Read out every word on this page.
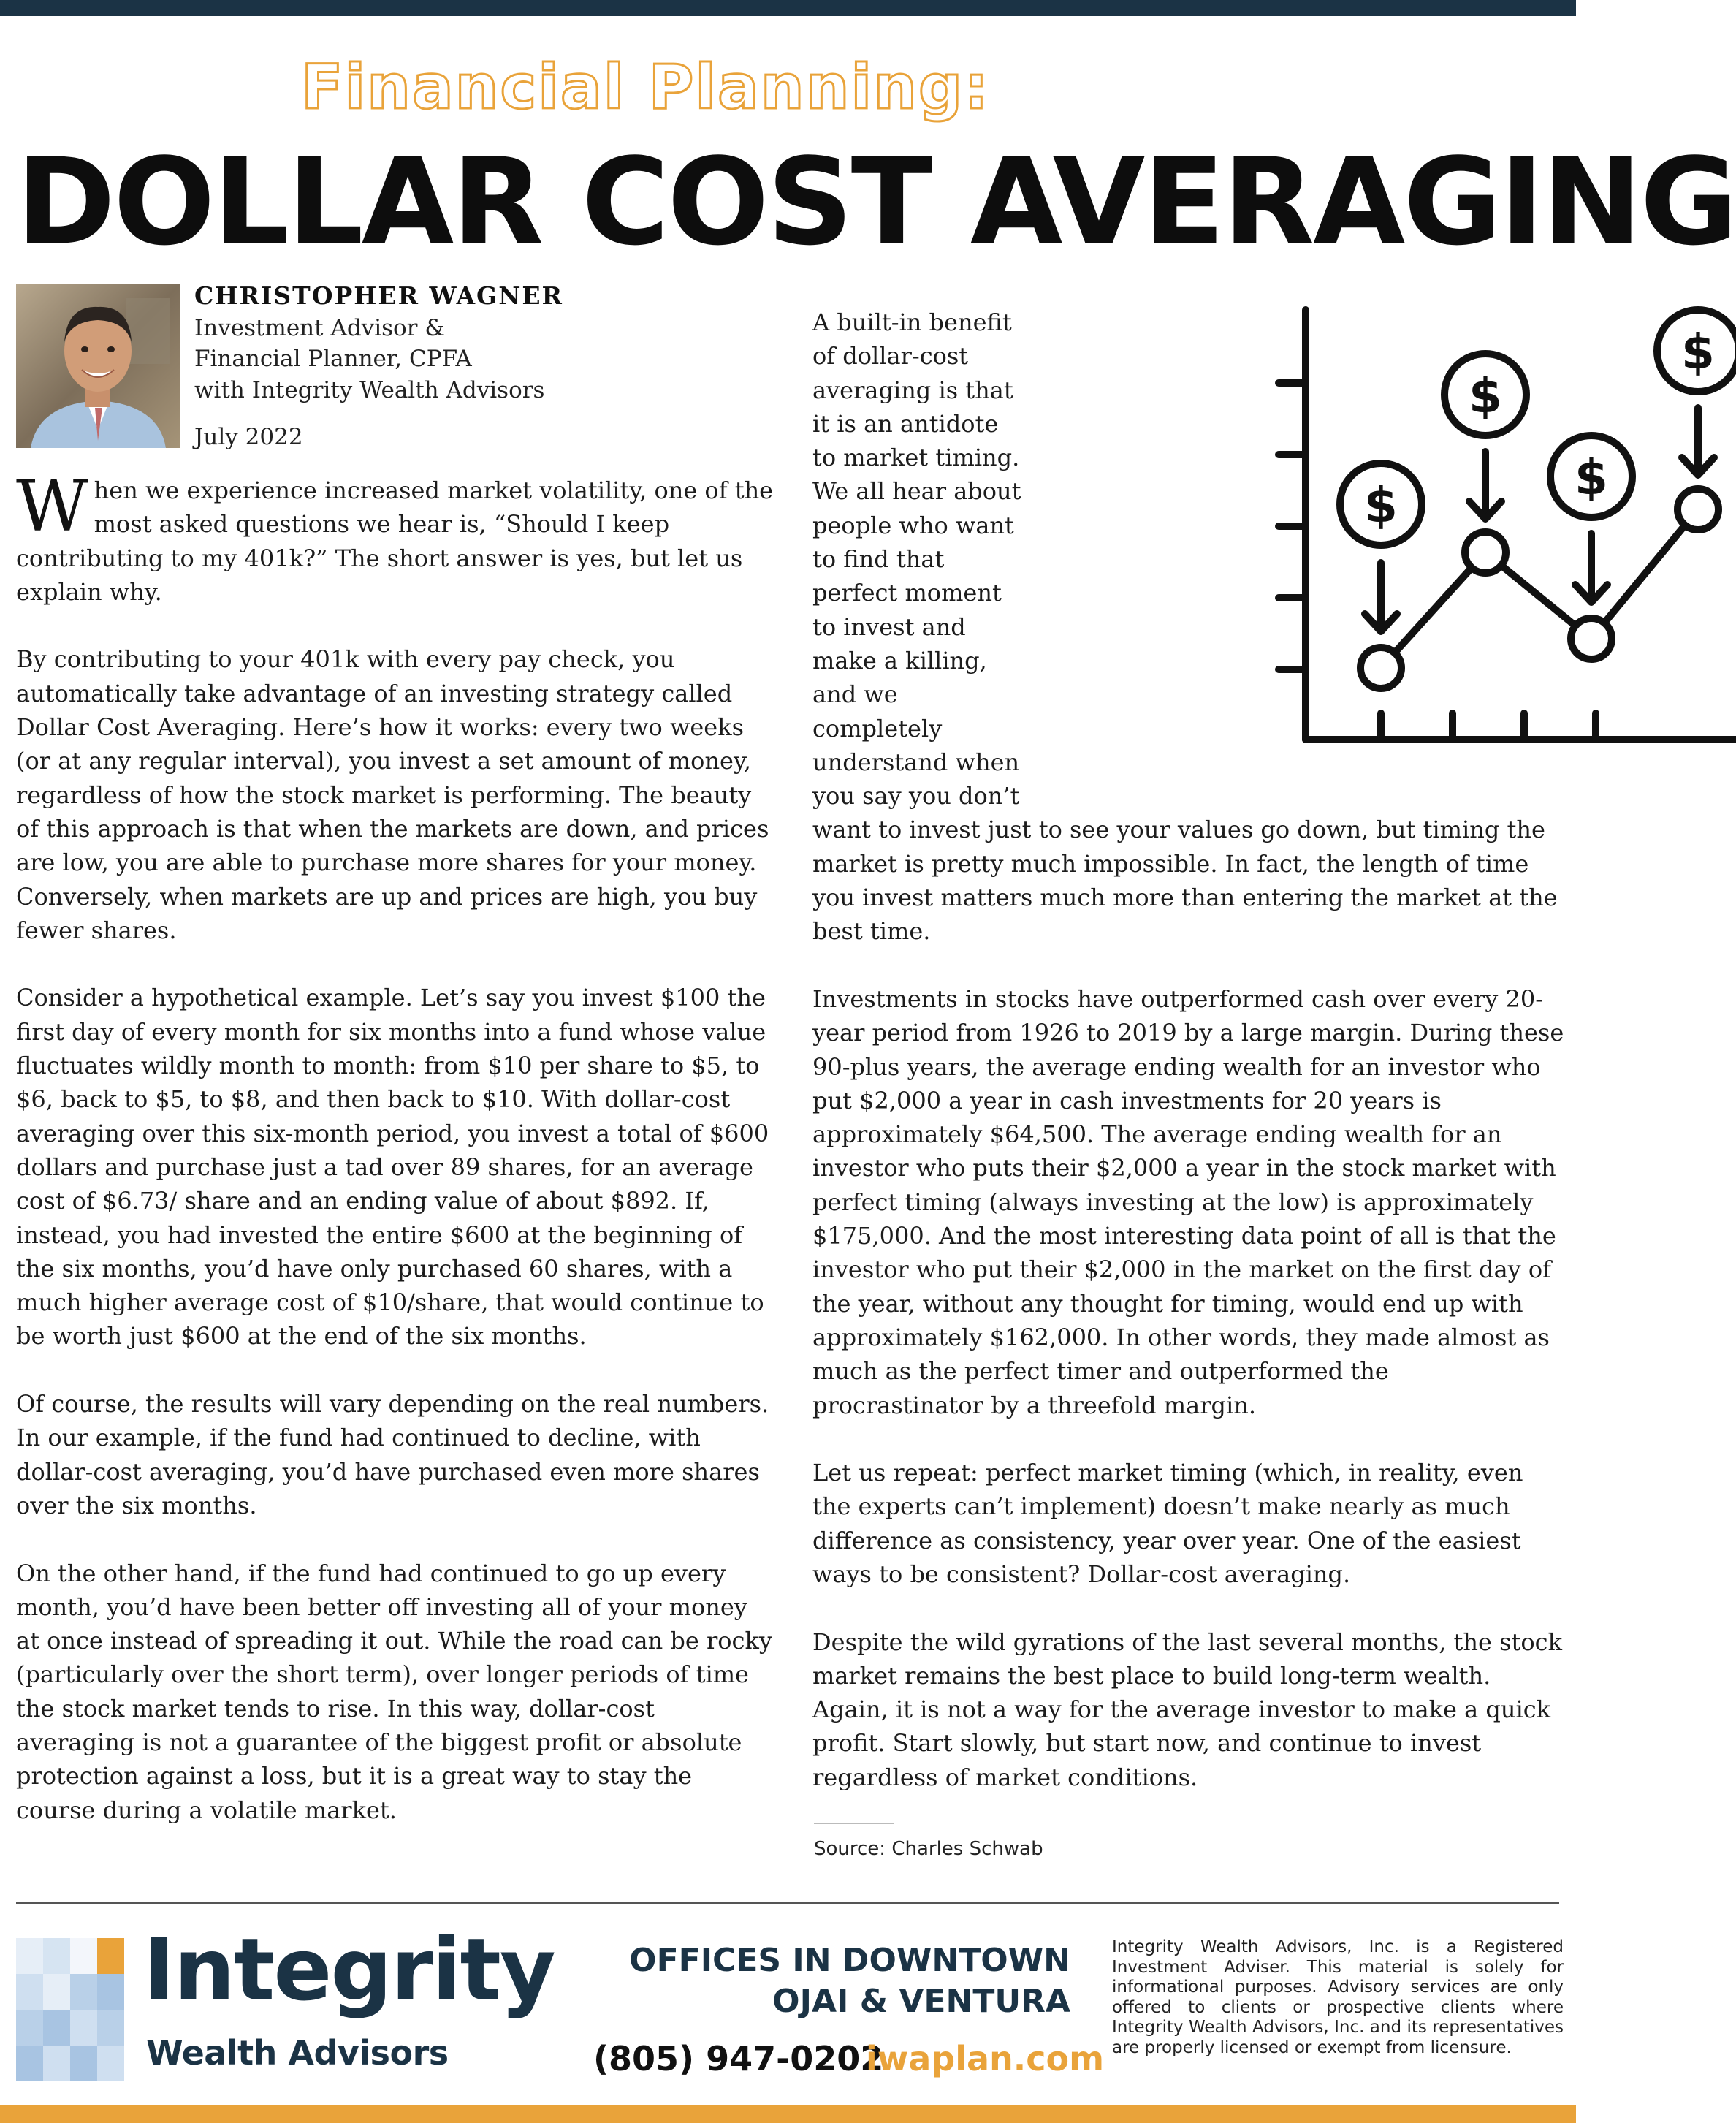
Financial Planning:
DOLLAR COST AVERAGING
CHRISTOPHER WAGNER
Investment Advisor &
Financial Planner, CPFA
with Integrity Wealth Advisors
July 2022

When we experience increased market volatility, one of the most asked questions we hear is, “Should I keep contributing to my 401k?” The short answer is yes, but let us explain why.

By contributing to your 401k with every pay check, you automatically take advantage of an investing strategy called Dollar Cost Averaging. Here’s how it works: every two weeks (or at any regular interval), you invest a set amount of money, regardless of how the stock market is performing. The beauty of this approach is that when the markets are down, and prices are low, you are able to purchase more shares for your money. Conversely, when markets are up and prices are high, you buy fewer shares.

Consider a hypothetical example. Let’s say you invest $100 the first day of every month for six months into a fund whose value fluctuates wildly month to month: from $10 per share to $5, to $6, back to $5, to $8, and then back to $10. With dollar-cost averaging over this six-month period, you invest a total of $600 dollars and purchase just a tad over 89 shares, for an average cost of $6.73/ share and an ending value of about $892. If, instead, you had invested the entire $600 at the beginning of the six months, you’d have only purchased 60 shares, with a much higher average cost of $10/share, that would continue to be worth just $600 at the end of the six months.

Of course, the results will vary depending on the real numbers. In our example, if the fund had continued to decline, with dollar-cost averaging, you’d have purchased even more shares over the six months.

On the other hand, if the fund had continued to go up every month, you’d have been better off investing all of your money at once instead of spreading it out. While the road can be rocky (particularly over the short term), over longer periods of time the stock market tends to rise. In this way, dollar-cost averaging is not a guarantee of the biggest profit or absolute protection against a loss, but it is a great way to stay the course during a volatile market.

$
$
$
$

A built-in benefit of dollar-cost averaging is that it is an antidote to market timing. We all hear about people who want to find that perfect moment to invest and make a killing, and we completely understand when you say you don’t want to invest just to see your values go down, but timing the market is pretty much impossible. In fact, the length of time you invest matters much more than entering the market at the best time.

Investments in stocks have outperformed cash over every 20-year period from 1926 to 2019 by a large margin. During these 90-plus years, the average ending wealth for an investor who put $2,000 a year in cash investments for 20 years is approximately $64,500. The average ending wealth for an investor who puts their $2,000 a year in the stock market with perfect timing (always investing at the low) is approximately $175,000. And the most interesting data point of all is that the investor who put their $2,000 in the market on the first day of the year, without any thought for timing, would end up with approximately $162,000. In other words, they made almost as much as the perfect timer and outperformed the procrastinator by a threefold margin.

Let us repeat: perfect market timing (which, in reality, even the experts can’t implement) doesn’t make nearly as much difference as consistency, year over year. One of the easiest ways to be consistent? Dollar-cost averaging.

Despite the wild gyrations of the last several months, the stock market remains the best place to build long-term wealth. Again, it is not a way for the average investor to make a quick profit. Start slowly, but start now, and continue to invest regardless of market conditions.

Source: Charles Schwab
Integrity
Wealth Advisors
OFFICES IN DOWNTOWN
OJAI & VENTURA
(805) 947-0202
iwaplan.com
Integrity Wealth Advisors, Inc. is a Registered Investment Adviser. This material is solely for informational purposes. Advisory services are only offered to clients or prospective clients where Integrity Wealth Advisors, Inc. and its representatives are properly licensed or exempt from licensure.
